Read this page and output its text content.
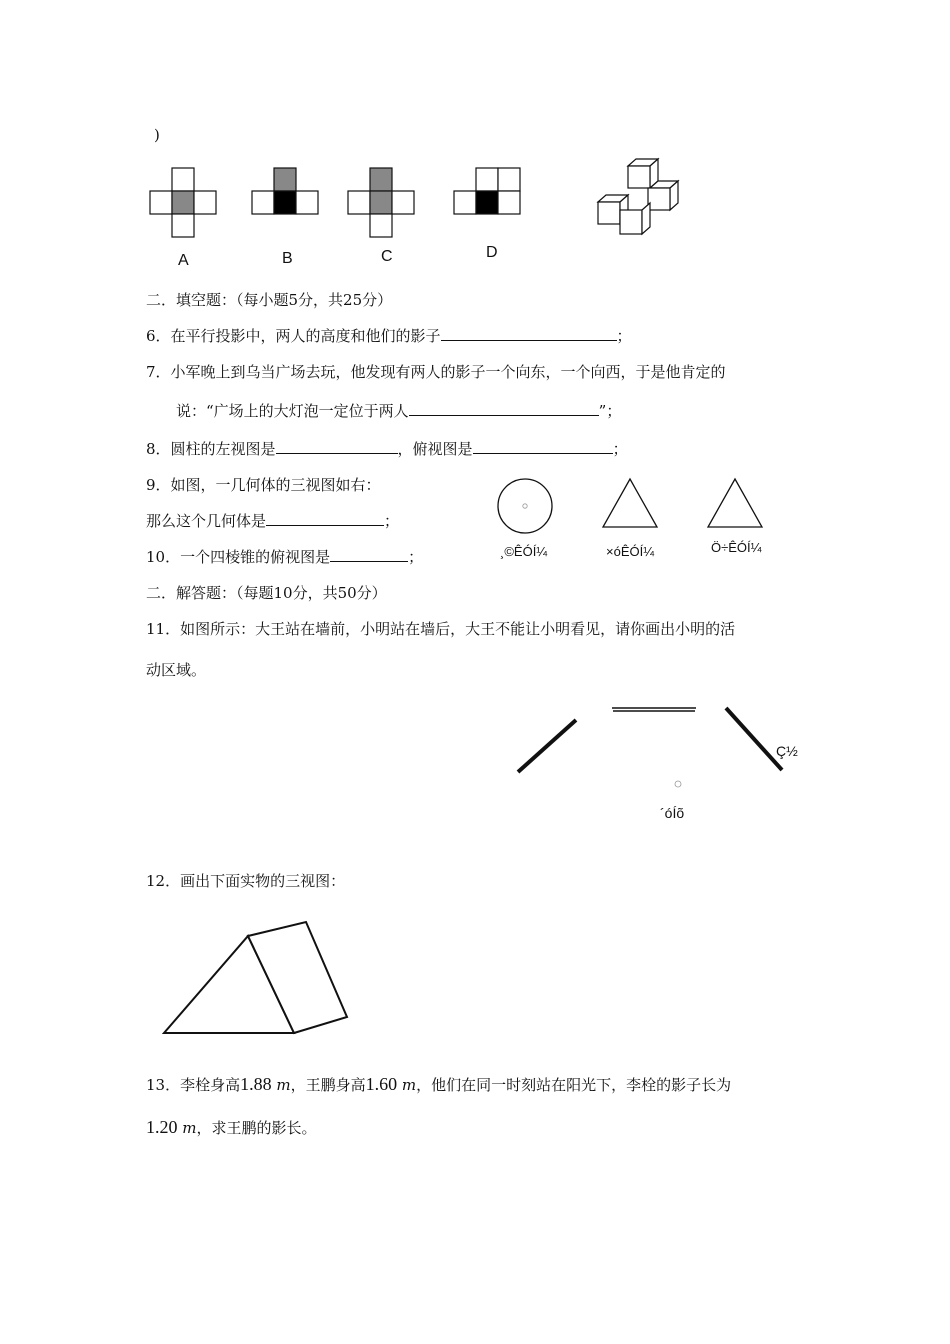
)
A	B	C	D
二．填空题：（每小题5分，共25分）
6．在平行投影中，两人的高度和他们的影子	；
7．小军晚上到乌当广场去玩，他发现有两人的影子一个向东，一个向西，于是他肯定的
说：“广场上的大灯泡一定位于两人	”；
8．圆柱的左视图是	，俯视图是	；
9．如图，一几何体的三视图如右：
那么这个几何体是	；
10．一个四棱锥的俯视图是	；	¸©ÊÓÍ¼	×óÊÓÍ¼	Ö÷ÊÓÍ¼
二．解答题：（每题10分，共50分）
11．如图所示：大王站在墙前，小明站在墙后，大王不能让小明看见，请你画出小明的活
动区域。
Ç½
´óÍõ
12．画出下面实物的三视图：
13．李栓身高1.88 m，王鹏身高1.60 m，他们在同一时刻站在阳光下，李栓的影子长为
1.20 m，求王鹏的影长。
